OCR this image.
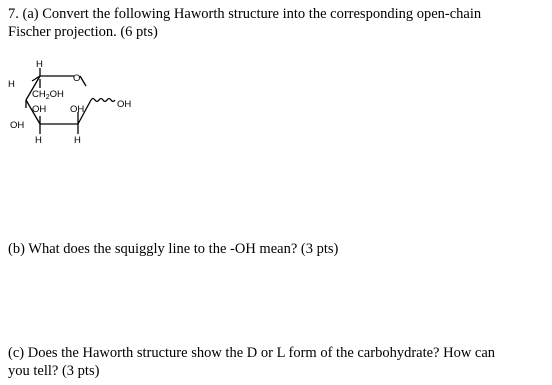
7. (a) Convert the following Haworth structure into the corresponding open-chain
Fischer projection. (6 pts)
H
H
O
$CH_2OH$
OH	OH	OH
OH
H	H
(b) What does the squiggly line to the -OH mean? (3 pts)
(c) Does the Haworth structure show the D or L form of the carbohydrate? How can
you tell? (3 pts)
